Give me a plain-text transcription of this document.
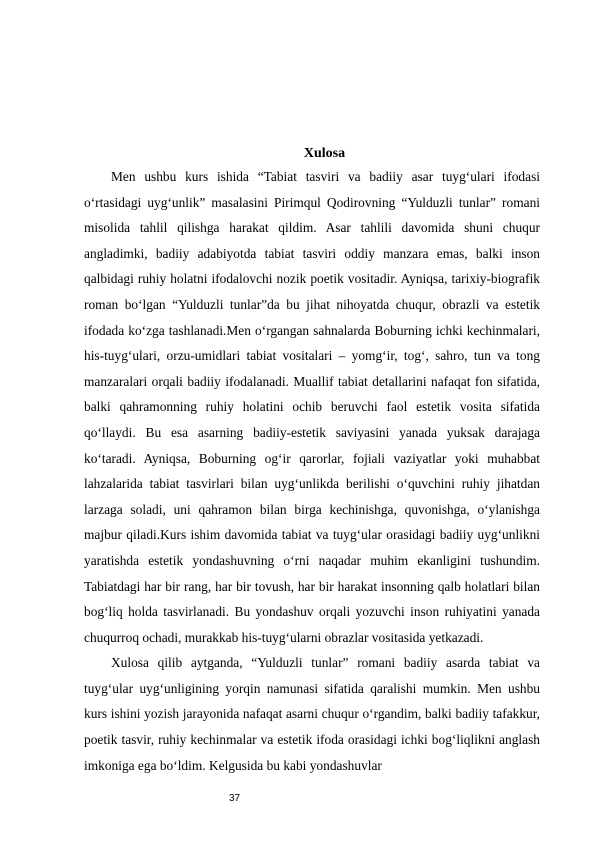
Xulosa

Men ushbu kurs ishida “Tabiat tasviri va badiiy asar tuyg‘ulari ifodasi o‘rtasidagi uyg‘unlik” masalasini Pirimqul Qodirovning “Yulduzli tunlar” romani misolida tahlil qilishga harakat qildim. Asar tahlili davomida shuni chuqur angladimki, badiiy adabiyotda tabiat tasviri oddiy manzara emas, balki inson qalbidagi ruhiy holatni ifodalovchi nozik poetik vositadir. Ayniqsa, tarixiy-biografik roman bo‘lgan “Yulduzli tunlar”da bu jihat nihoyatda chuqur, obrazli va estetik ifodada ko‘zga tashlanadi.Men o‘rgangan sahnalarda Boburning ichki kechinmalari, his-tuyg‘ulari, orzu-umidlari tabiat vositalari – yomg‘ir, tog‘, sahro, tun va tong manzaralari orqali badiiy ifodalanadi. Muallif tabiat detallarini nafaqat fon sifatida, balki qahramonning ruhiy holatini ochib beruvchi faol estetik vosita sifatida qo‘llaydi. Bu esa asarning badiiy-estetik saviyasini yanada yuksak darajaga ko‘taradi. Ayniqsa, Boburning og‘ir qarorlar, fojiali vaziyatlar yoki muhabbat lahzalarida tabiat tasvirlari bilan uyg‘unlikda berilishi o‘quvchini ruhiy jihatdan larzaga soladi, uni qahramon bilan birga kechinishga, quvonishga, o‘ylanishga majbur qiladi.Kurs ishim davomida tabiat va tuyg‘ular orasidagi badiiy uyg‘unlikni yaratishda estetik yondashuvning o‘rni naqadar muhim ekanligini tushundim. Tabiatdagi har bir rang, har bir tovush, har bir harakat insonning qalb holatlari bilan bog‘liq holda tasvirlanadi. Bu yondashuv orqali yozuvchi inson ruhiyatini yanada chuqurroq ochadi, murakkab his-tuyg‘ularni obrazlar vositasida yetkazadi.

Xulosa qilib aytganda, “Yulduzli tunlar” romani badiiy asarda tabiat va tuyg‘ular uyg‘unligining yorqin namunasi sifatida qaralishi mumkin. Men ushbu kurs ishini yozish jarayonida nafaqat asarni chuqur o‘rgandim, balki badiiy tafakkur, poetik tasvir, ruhiy kechinmalar va estetik ifoda orasidagi ichki bog‘liqlikni anglash imkoniga ega bo‘ldim. Kelgusida bu kabi yondashuvlar

37
